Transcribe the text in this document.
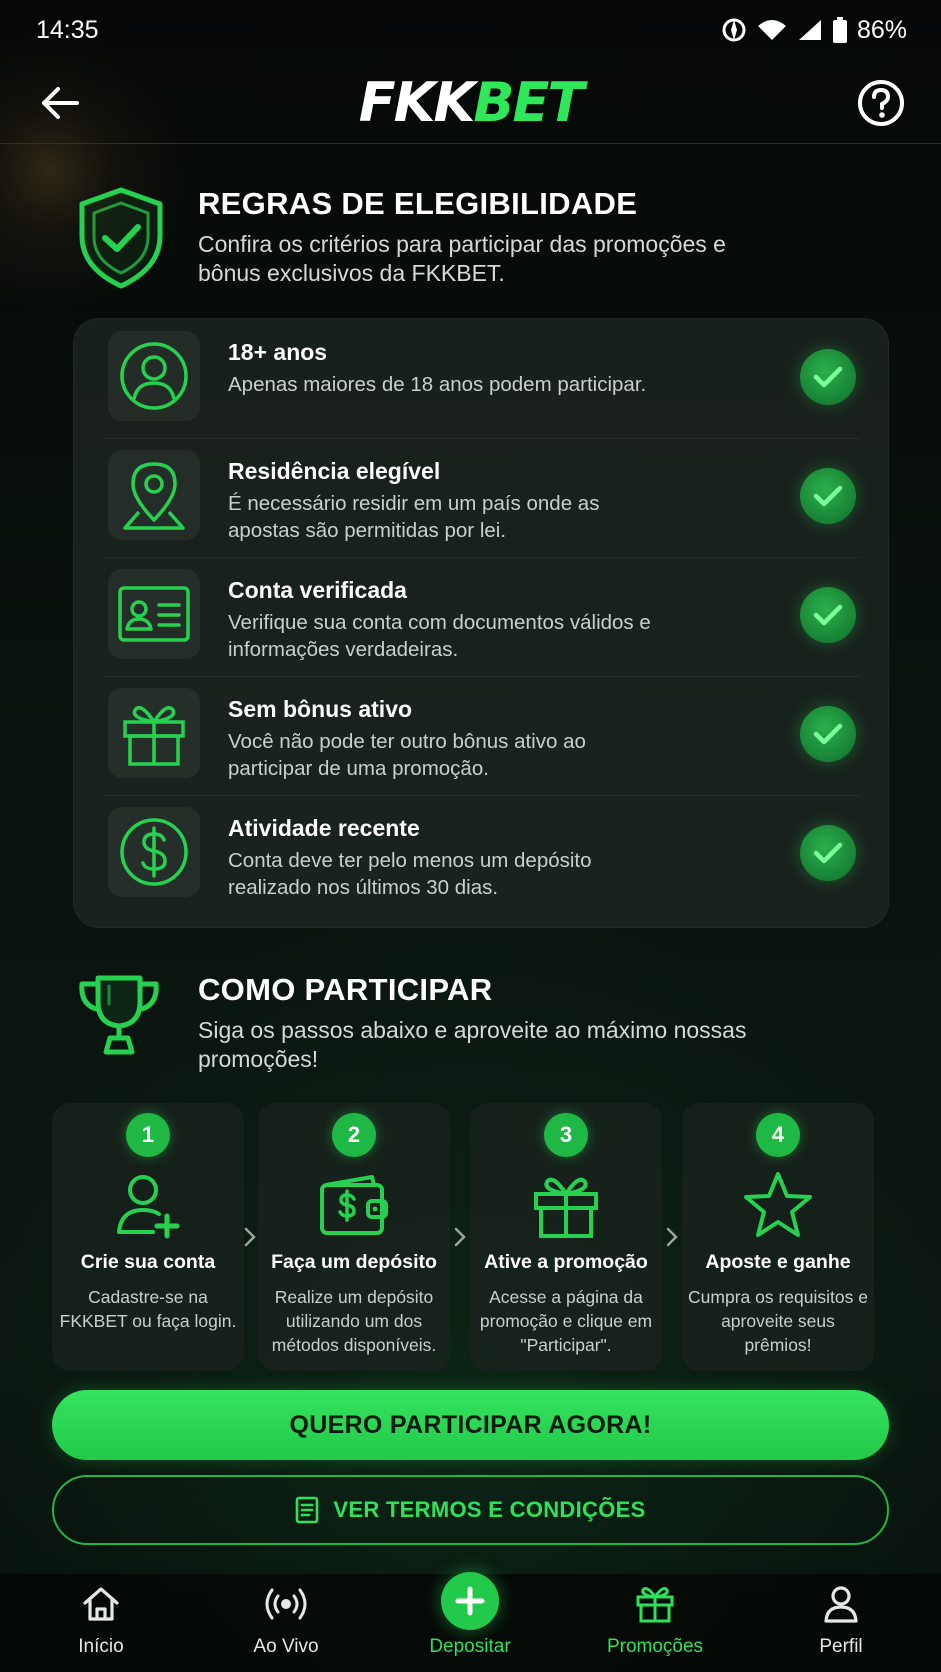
14:35	86%
FKKBET
REGRAS DE ELEGIBILIDADE

Confira os critérios para participar das promoções e bônus exclusivos da FKKBET.

18+ anos
Apenas maiores de 18 anos podem participar.
Residência elegível
É necessário residir em um país onde as apostas são permitidas por lei.
Conta verificada
Verifique sua conta com documentos válidos e informações verdadeiras.
Sem bônus ativo
Você não pode ter outro bônus ativo ao participar de uma promoção.
Atividade recente
Conta deve ter pelo menos um depósito realizado nos últimos 30 dias.
COMO PARTICIPAR

Siga os passos abaixo e aproveite ao máximo nossas promoções!

1
Crie sua conta
Cadastre-se na FKKBET ou faça login.
2
Faça um depósito
Realize um depósito utilizando um dos métodos disponíveis.
3
Ative a promoção
Acesse a página da promoção e clique em "Participar".
4
Aposte e ganhe
Cumpra os requisitos e aproveite seus prêmios!
QUERO PARTICIPAR AGORA!
VER TERMOS E CONDIÇÕES
Início	Ao Vivo	Depositar	Promoções	Perfil
